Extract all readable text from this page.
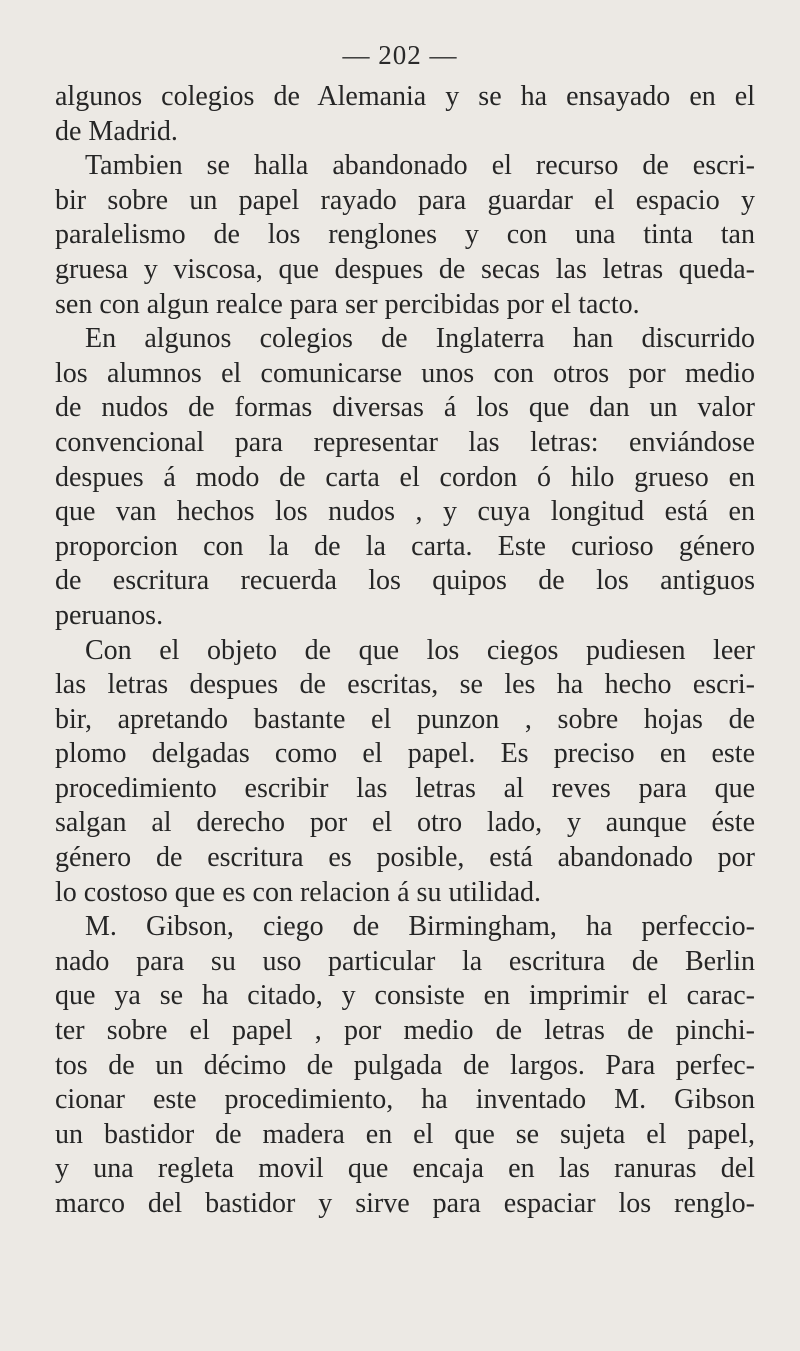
— 202 —
algunos colegios de Alemania y se ha ensayado en el
de Madrid.
Tambien se halla abandonado el recurso de escri-
bir sobre un papel rayado para guardar el espacio y
paralelismo de los renglones y con una tinta tan
gruesa y viscosa, que despues de secas las letras queda-
sen con algun realce para ser percibidas por el tacto.
En algunos colegios de Inglaterra han discurrido
los alumnos el comunicarse unos con otros por medio
de nudos de formas diversas á los que dan un valor
convencional para representar las letras: enviándose
despues á modo de carta el cordon ó hilo grueso en
que van hechos los nudos , y cuya longitud está en
proporcion con la de la carta. Este curioso género
de escritura recuerda los quipos de los antiguos
peruanos.
Con el objeto de que los ciegos pudiesen leer
las letras despues de escritas, se les ha hecho escri-
bir, apretando bastante el punzon , sobre hojas de
plomo delgadas como el papel. Es preciso en este
procedimiento escribir las letras al reves para que
salgan al derecho por el otro lado, y aunque éste
género de escritura es posible, está abandonado por
lo costoso que es con relacion á su utilidad.
M. Gibson, ciego de Birmingham, ha perfeccio-
nado para su uso particular la escritura de Berlin
que ya se ha citado, y consiste en imprimir el carac-
ter sobre el papel , por medio de letras de pinchi-
tos de un décimo de pulgada de largos. Para perfec-
cionar este procedimiento, ha inventado M. Gibson
un bastidor de madera en el que se sujeta el papel,
y una regleta movil que encaja en las ranuras del
marco del bastidor y sirve para espaciar los renglo-
